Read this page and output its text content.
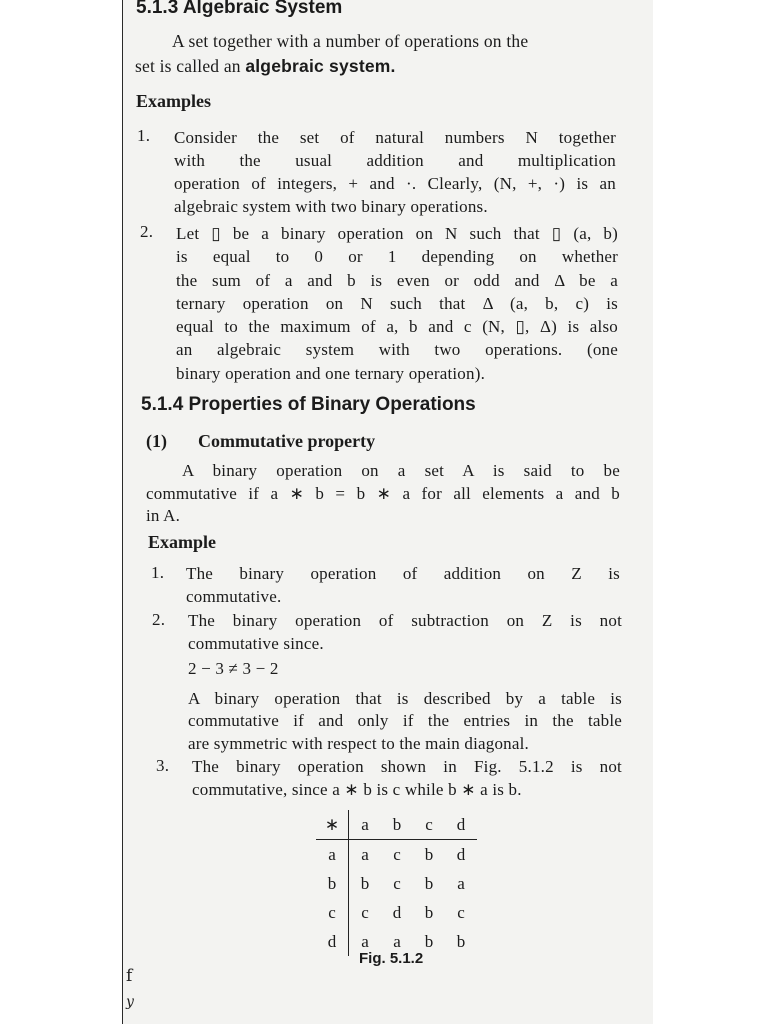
5.1.3 Algebraic System
A set together with a number of operations on the
set is called an algebraic system.
Examples
1. Consider the set of natural numbers N together
with the usual addition and multiplication
operation of integers, + and ·. Clearly, (N, +, ·) is an
algebraic system with two binary operations.
2. Let ▯ be a binary operation on N such that ▯ (a, b)
is equal to 0 or 1 depending on whether
the sum of a and b is even or odd and Δ be a
ternary operation on N such that Δ (a, b, c) is
equal to the maximum of a, b and c (N, ▯, Δ) is also
an algebraic system with two operations. (one
binary operation and one ternary operation).
5.1.4 Properties of Binary Operations
(1) Commutative property
A binary operation on a set A is said to be
commutative if a ∗ b = b ∗ a for all elements a and b
in A.
Example
1. The binary operation of addition on Z is
commutative.
2. The binary operation of subtraction on Z is not
commutative since.
2 − 3 ≠ 3 − 2
A binary operation that is described by a table is
commutative if and only if the entries in the table
are symmetric with respect to the main diagonal.
3. The binary operation shown in Fig. 5.1.2 is not
commutative, since a ∗ b is c while b ∗ a is b.
∗	a	b	c	d
a	a	c	b	d
b	b	c	b	a
c	c	d	b	c
d	a	a	b	b
Fig. 5.1.2
f
y
